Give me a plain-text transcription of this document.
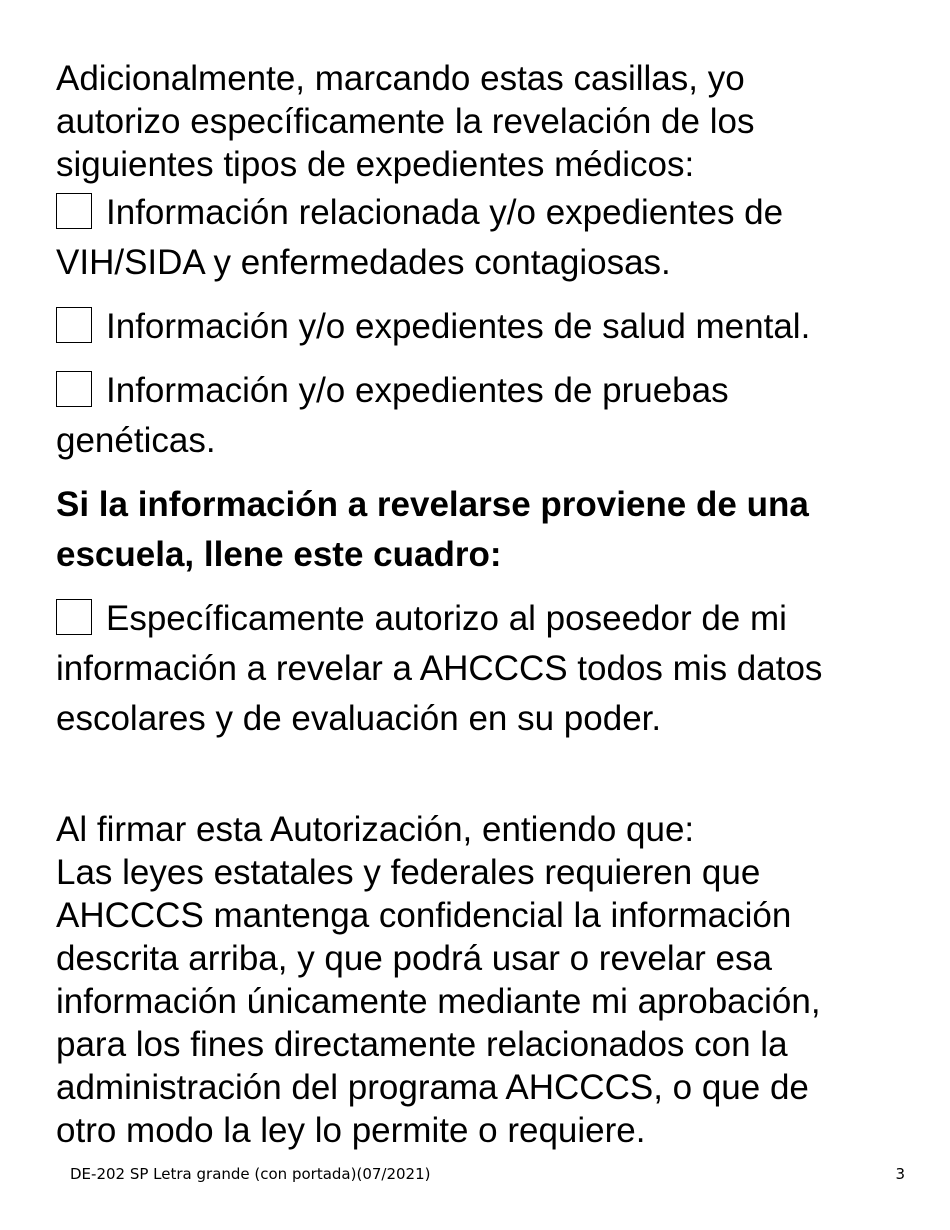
Adicionalmente, marcando estas casillas, yo
autorizo específicamente la revelación de los
siguientes tipos de expedientes médicos:

Información relacionada y/o expedientes de
VIH/SIDA y enfermedades contagiosas.

Información y/o expedientes de salud mental.

Información y/o expedientes de pruebas
genéticas.

Si la información a revelarse proviene de una
escuela, llene este cuadro:

Específicamente autorizo al poseedor de mi
información a revelar a AHCCCS todos mis datos
escolares y de evaluación en su poder.

Al firmar esta Autorización, entiendo que:
Las leyes estatales y federales requieren que
AHCCCS mantenga confidencial la información
descrita arriba, y que podrá usar o revelar esa
información únicamente mediante mi aprobación,
para los fines directamente relacionados con la
administración del programa AHCCCS, o que de
otro modo la ley lo permite o requiere.

DE-202 SP Letra grande (con portada)(07/2021)	3
